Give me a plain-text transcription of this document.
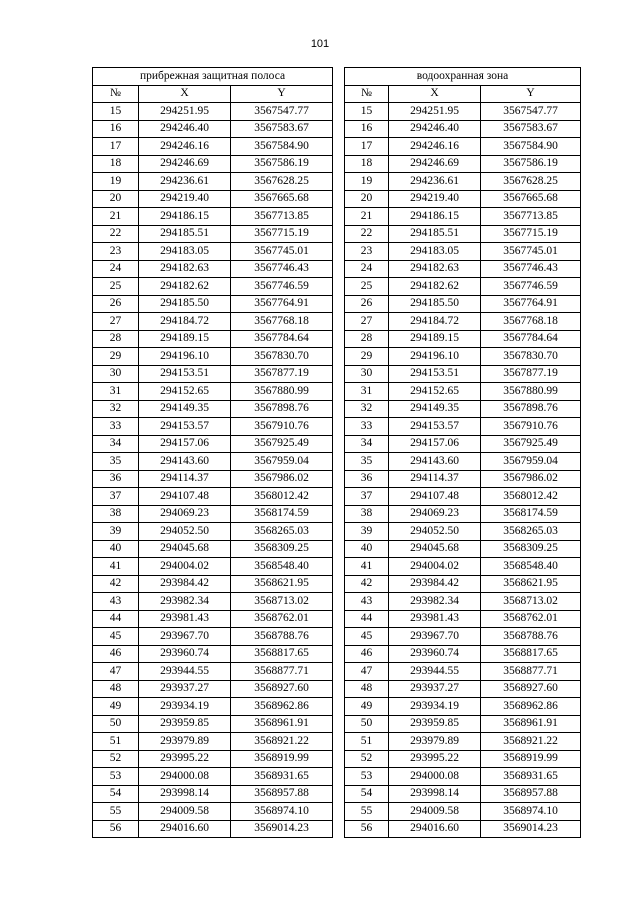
101
прибрежная защитная полоса		
№	X	Y
15	294251.95	3567547.77
16	294246.40	3567583.67
17	294246.16	3567584.90
18	294246.69	3567586.19
19	294236.61	3567628.25
20	294219.40	3567665.68
21	294186.15	3567713.85
22	294185.51	3567715.19
23	294183.05	3567745.01
24	294182.63	3567746.43
25	294182.62	3567746.59
26	294185.50	3567764.91
27	294184.72	3567768.18
28	294189.15	3567784.64
29	294196.10	3567830.70
30	294153.51	3567877.19
31	294152.65	3567880.99
32	294149.35	3567898.76
33	294153.57	3567910.76
34	294157.06	3567925.49
35	294143.60	3567959.04
36	294114.37	3567986.02
37	294107.48	3568012.42
38	294069.23	3568174.59
39	294052.50	3568265.03
40	294045.68	3568309.25
41	294004.02	3568548.40
42	293984.42	3568621.95
43	293982.34	3568713.02
44	293981.43	3568762.01
45	293967.70	3568788.76
46	293960.74	3568817.65
47	293944.55	3568877.71
48	293937.27	3568927.60
49	293934.19	3568962.86
50	293959.85	3568961.91
51	293979.89	3568921.22
52	293995.22	3568919.99
53	294000.08	3568931.65
54	293998.14	3568957.88
55	294009.58	3568974.10
56	294016.60	3569014.23
водоохранная зона		
№	X	Y
15	294251.95	3567547.77
16	294246.40	3567583.67
17	294246.16	3567584.90
18	294246.69	3567586.19
19	294236.61	3567628.25
20	294219.40	3567665.68
21	294186.15	3567713.85
22	294185.51	3567715.19
23	294183.05	3567745.01
24	294182.63	3567746.43
25	294182.62	3567746.59
26	294185.50	3567764.91
27	294184.72	3567768.18
28	294189.15	3567784.64
29	294196.10	3567830.70
30	294153.51	3567877.19
31	294152.65	3567880.99
32	294149.35	3567898.76
33	294153.57	3567910.76
34	294157.06	3567925.49
35	294143.60	3567959.04
36	294114.37	3567986.02
37	294107.48	3568012.42
38	294069.23	3568174.59
39	294052.50	3568265.03
40	294045.68	3568309.25
41	294004.02	3568548.40
42	293984.42	3568621.95
43	293982.34	3568713.02
44	293981.43	3568762.01
45	293967.70	3568788.76
46	293960.74	3568817.65
47	293944.55	3568877.71
48	293937.27	3568927.60
49	293934.19	3568962.86
50	293959.85	3568961.91
51	293979.89	3568921.22
52	293995.22	3568919.99
53	294000.08	3568931.65
54	293998.14	3568957.88
55	294009.58	3568974.10
56	294016.60	3569014.23
